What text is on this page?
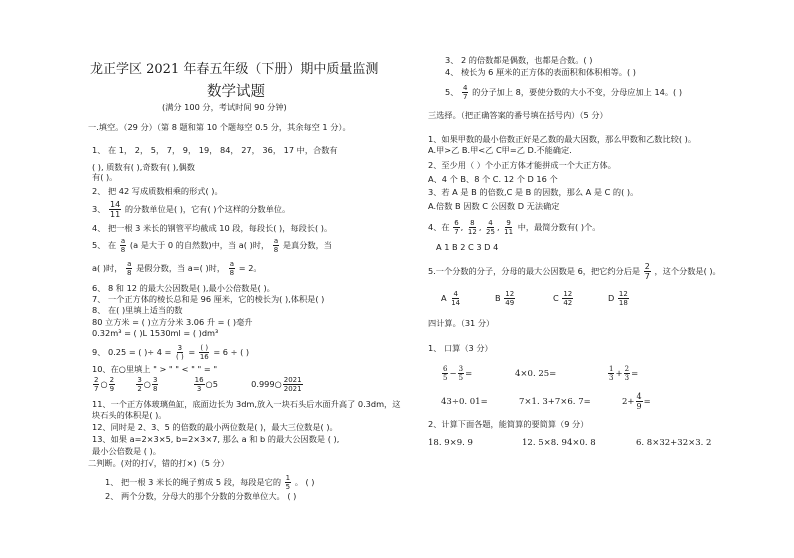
龙正学区 2021 年春五年级（下册）期中质量监测
数学试题
(满分 100 分，考试时间 90 分钟)
一.填空。（29 分）（第 8 题和第 10 个题每空 0.5 分，其余每空 1 分）。
1、 在 1， 2， 5， 7， 9， 19， 84， 27， 36， 17 中，合数有
( ), 质数有( ),奇数有( ),偶数
有( )。
2、 把 42 写成质数相乘的形式( )。
3、 $\frac{14}{11}$ 的分数单位是( )，它有( )个这样的分数单位。
4、 把一根 3 米长的钢管平均截成 10 段，每段长( )，每段长( )。
5、 在 $\frac{a}{8} (a$ 是大于 0 的自然数)中，当 a( )时， $\frac{a}{8}$ 是真分数，当
a( )时， $\frac{a}{8}$ 是假分数，当 a=( )时， $\frac{a}{8} = 2$。
6、 8 和 12 的最大公因数是( ),最小公倍数是( )。
7、 一个正方体的棱长总和是 96 厘米，它的棱长为( ),体积是( )
8、 在( )里填上适当的数
80 立方米 = ( )立方分米 3.06 升 = ( )毫升
0.32m³ = ( )L 1530ml = ( )dm³
9、 0.25 = ( )÷ $4 = \frac{3}{( )} = \frac{( )}{16} = 6$ ÷ ( )
10、在○里填上 " > " " < " " = "
$\frac{2}{7}$ ○ $\frac{2}{9}$
	$\frac{3}{2}$ ○ $\frac{3}{8}$
	$\frac{16}{3}$ ○5	0.999○ $\frac{2021}{2021}$
11、一个正方体玻璃鱼缸，底面边长为 3dm,放入一块石头后水面升高了 0.3dm，这
块石头的体积是( )。
12、同时是 2、3、5 的倍数的最小两位数是( )，最大三位数是( )。
13、如果 a=2×3×5, b=2×3×7, 那么 a 和 b 的最大公因数是 ( ),
最小公倍数是 ( )。
二判断。(对的打√，错的打×)（5 分）
1、 把一根 3 米长的绳子剪成 5 段，每段是它的 $\frac{1}{5}$ 。 ( )
2、 两个分数，分母大的那个分数的分数单位大。 ( )
3、 2 的倍数都是偶数，也都是合数。( )
4、 棱长为 6 厘米的正方体的表面积和体积相等。( )
5、 $\frac{4}{7}$ 的分子加上 8，要使分数的大小不变，分母应加上 14。( )
三选择。（把正确答案的番号填在括号内）（5 分）
1、如果甲数的最小倍数正好是乙数的最大因数，那么甲数和乙数比较( )。
A.甲>乙 B.甲<乙 C甲=乙 D.不能确定.
2、至少用（ ）个小正方体才能拼成一个大正方体。
A、4 个 B、8 个 C. 12 个 D 16 个
3、若 A 是 B 的倍数,C 是 B 的因数，那么 A 是 C 的( )。
A.倍数 B 因数 C 公因数 D 无法确定
4、在 $\frac{6}{7}$ , $\frac{8}{12}$ , $\frac{4}{25}$ , $\frac{9}{11}$ 中，最简分数有( )个。
A 1 B 2 C 3 D 4
5.一个分数的分子，分母的最大公因数是 6，把它约分后是 $\frac{2}{7}$ ，这个分数是( )。
A $\frac{4}{14}$	B $\frac{12}{49}$	C $\frac{12}{42}$	D $\frac{12}{18}$
四计算。（31 分）
1、 口算（3 分）
$\frac{6}{5} - \frac{3}{5}$ =	4×0. 25=	$\frac{1}{3} + \frac{2}{3}$ =
43÷0. 01=	7×1. 3+7×6. 7=	$2+ \frac{4}{9}$ =
2、计算下面各题，能简算的要简算（9 分）
18. 9×9. 9	12. 5×8. 94×0. 8	6. 8×32+32×3. 2
